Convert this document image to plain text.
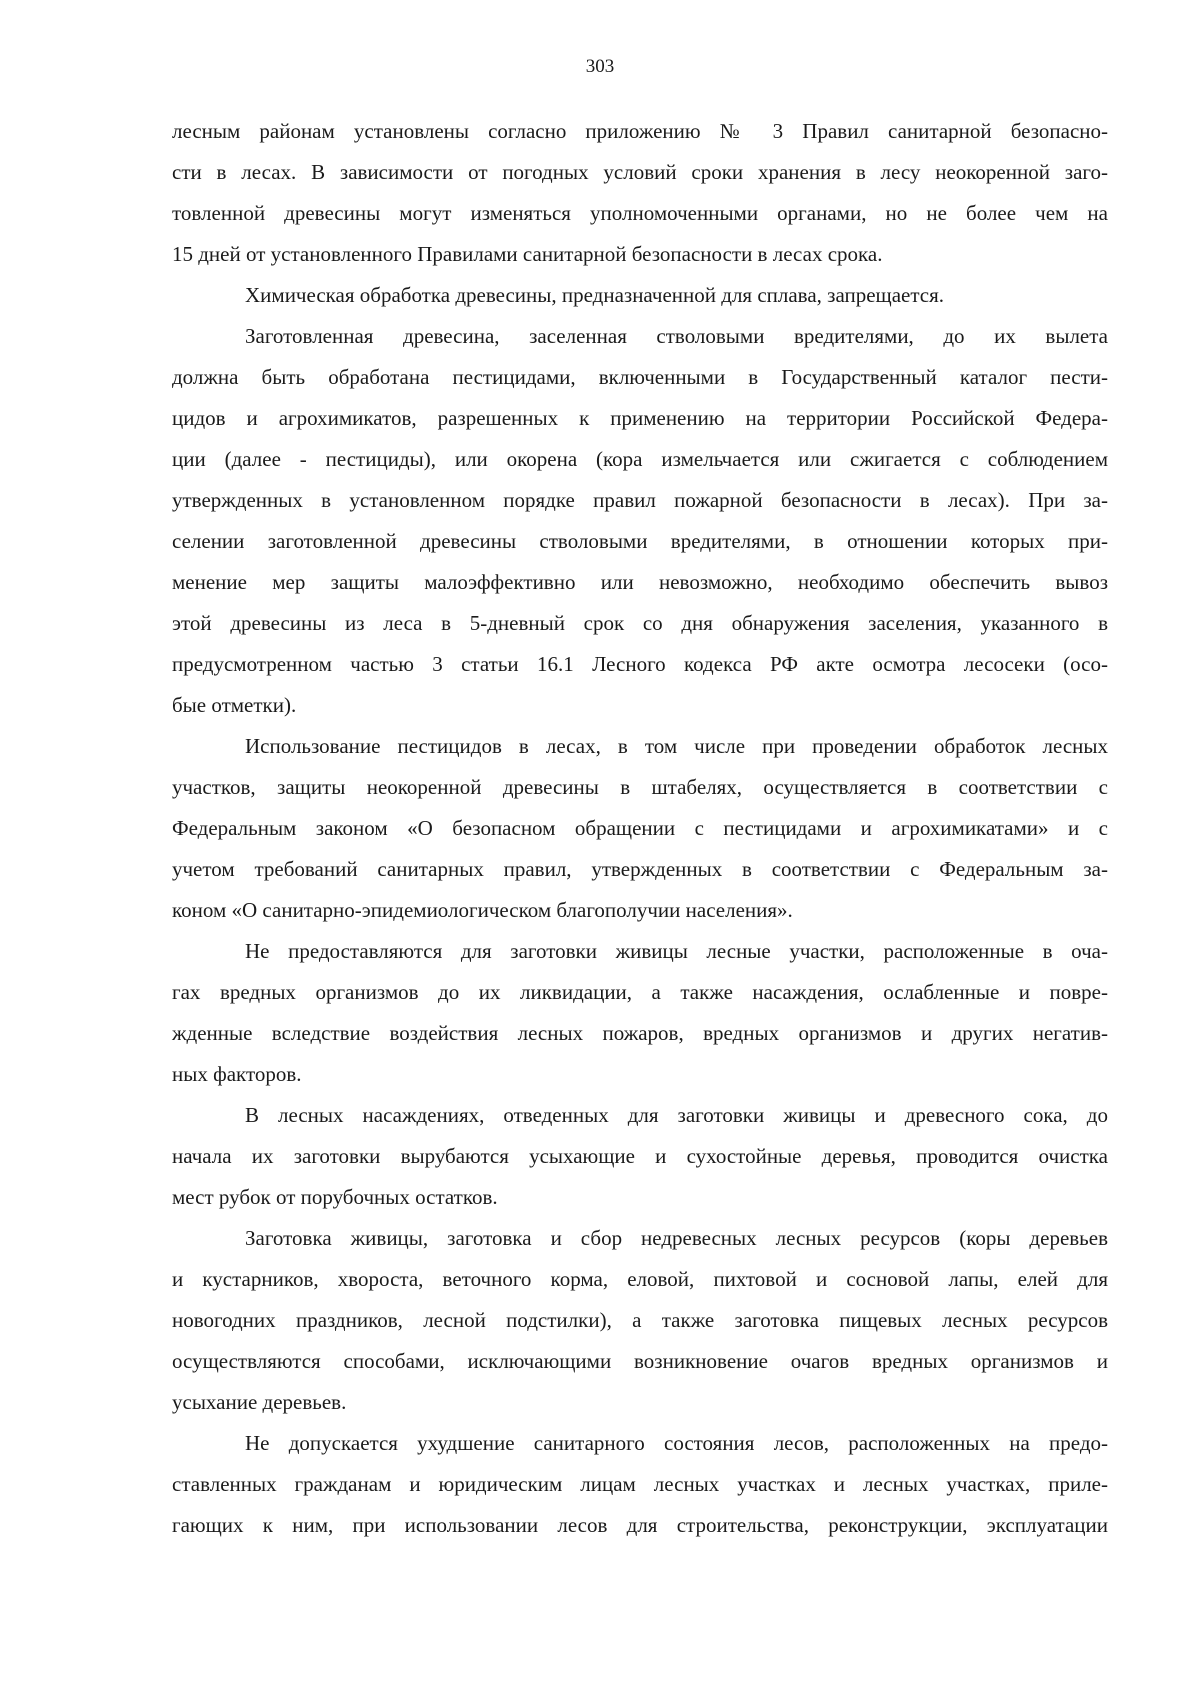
303
лесным районам установлены согласно приложению № 3 Правил санитарной безопасно-
сти в лесах. В зависимости от погодных условий сроки хранения в лесу неокоренной заго-
товленной древесины могут изменяться уполномоченными органами, но не более чем на
15 дней от установленного Правилами санитарной безопасности в лесах срока.
Химическая обработка древесины, предназначенной для сплава, запрещается.
Заготовленная древесина, заселенная стволовыми вредителями, до их вылета
должна быть обработана пестицидами, включенными в Государственный каталог пести-
цидов и агрохимикатов, разрешенных к применению на территории Российской Федера-
ции (далее - пестициды), или окорена (кора измельчается или сжигается с соблюдением
утвержденных в установленном порядке правил пожарной безопасности в лесах). При за-
селении заготовленной древесины стволовыми вредителями, в отношении которых при-
менение мер защиты малоэффективно или невозможно, необходимо обеспечить вывоз
этой древесины из леса в 5-дневный срок со дня обнаружения заселения, указанного в
предусмотренном частью 3 статьи 16.1 Лесного кодекса РФ акте осмотра лесосеки (осо-
бые отметки).
Использование пестицидов в лесах, в том числе при проведении обработок лесных
участков, защиты неокоренной древесины в штабелях, осуществляется в соответствии с
Федеральным законом «О безопасном обращении с пестицидами и агрохимикатами» и с
учетом требований санитарных правил, утвержденных в соответствии с Федеральным за-
коном «О санитарно-эпидемиологическом благополучии населения».
Не предоставляются для заготовки живицы лесные участки, расположенные в оча-
гах вредных организмов до их ликвидации, а также насаждения, ослабленные и повре-
жденные вследствие воздействия лесных пожаров, вредных организмов и других негатив-
ных факторов.
В лесных насаждениях, отведенных для заготовки живицы и древесного сока, до
начала их заготовки вырубаются усыхающие и сухостойные деревья, проводится очистка
мест рубок от порубочных остатков.
Заготовка живицы, заготовка и сбор недревесных лесных ресурсов (коры деревьев
и кустарников, хвороста, веточного корма, еловой, пихтовой и сосновой лапы, елей для
новогодних праздников, лесной подстилки), а также заготовка пищевых лесных ресурсов
осуществляются способами, исключающими возникновение очагов вредных организмов и
усыхание деревьев.
Не допускается ухудшение санитарного состояния лесов, расположенных на предо-
ставленных гражданам и юридическим лицам лесных участках и лесных участках, приле-
гающих к ним, при использовании лесов для строительства, реконструкции, эксплуатации
